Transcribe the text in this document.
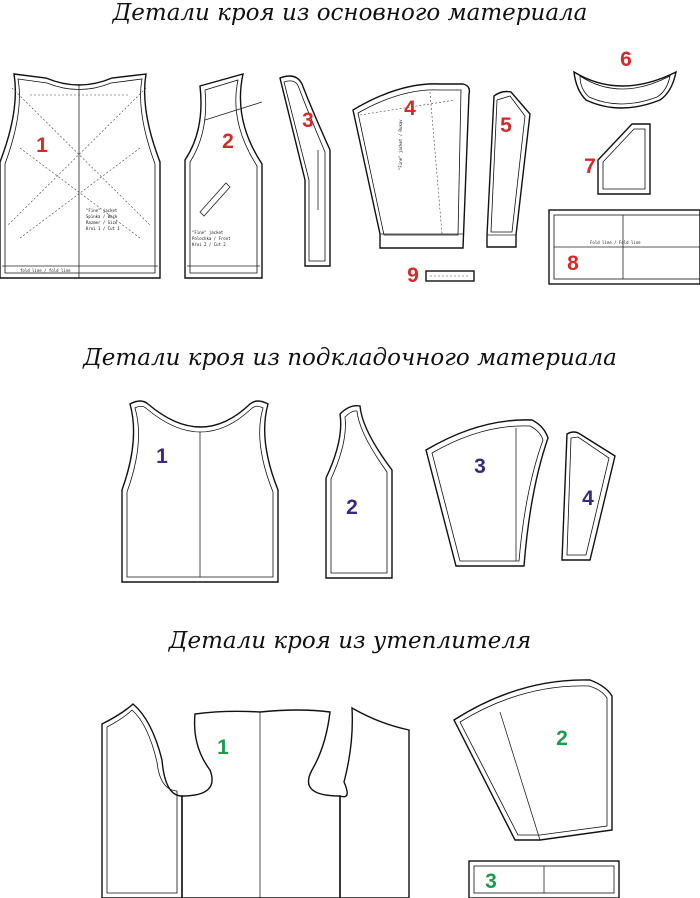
Детали кроя из основного материала
Детали кроя из подкладочного материала
Детали кроя из утеплителя
"Fine" jacket
Spinka / Back
Razmer / Size
Kroi 1 / Cut 1
fold line / fold line
"Fine" jacket
Polochka / Front
Kroi 2 / Cut 2
"Fine" jacket / Rukav
Fold line / Fold line
1	2
3
4
5
6
7
8
9
1
2
3
4
1	2
3
